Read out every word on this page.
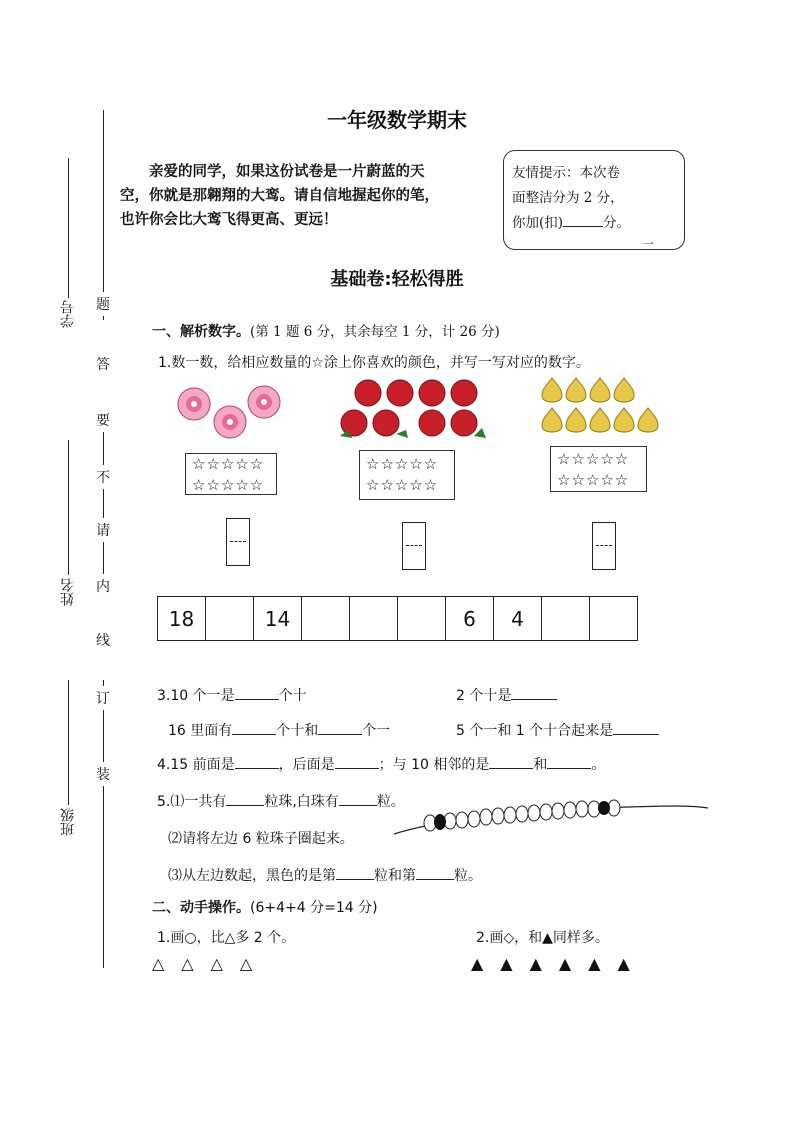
学号
姓名
班级
题
答
要
不
请
内
线
订
装
一年级数学期末
亲爱的同学，如果这份试卷是一片蔚蓝的天空，你就是那翱翔的大鸾。请自信地握起你的笔，也许你会比大鸾飞得更高、更远！
友情提示：本次卷
面整洁分为 2 分，
你加(扣)	分。
一
基础卷:轻松得胜
一、解析数字。(第 1 题 6 分，其余每空 1 分，计 26 分)
1.数一数，给相应数量的☆涂上你喜欢的颜色，并写一写对应的数字。
☆☆☆☆☆
☆☆☆☆☆
☆☆☆☆☆
☆☆☆☆☆
☆☆☆☆☆
☆☆☆☆☆
18		14				6	4		
3.10 个一是	个十	2 个十是
16 里面有	个十和	个一	5 个一和 1 个十合起来是
4.15 前面是	，后面是	；与 10 相邻的是	和	。
5.⑴一共有	粒珠,白珠有	粒。
⑵请将左边 6 粒珠子圈起来。
⑶从左边数起，黑色的是第	粒和第	粒。
二、动手操作。(6+4+4 分=14 分)
1.画○，比△多 2 个。	2.画◇，和▲同样多。
△△△△	▲▲▲▲▲▲
